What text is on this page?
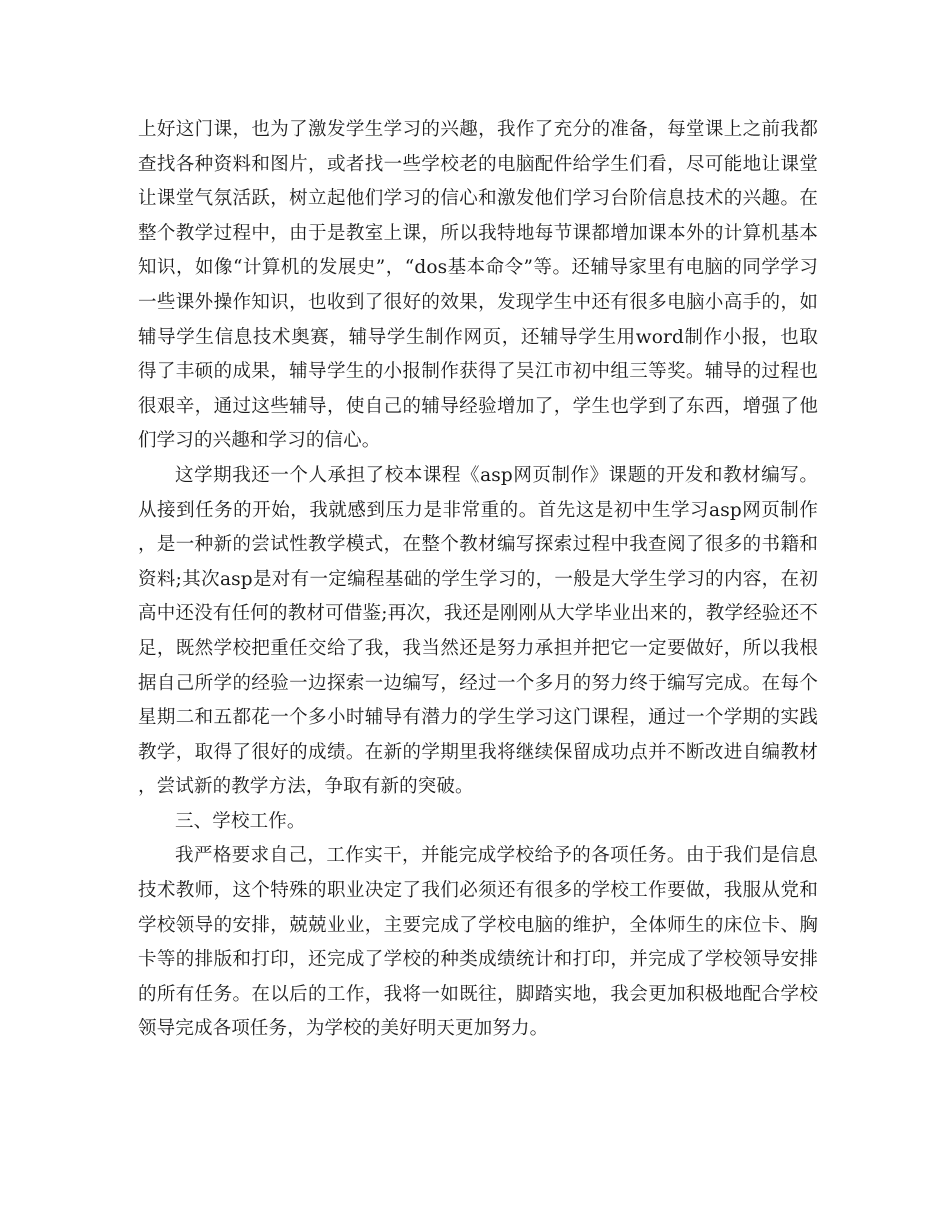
上好这门课，也为了激发学生学习的兴趣，我作了充分的准备，每堂课上之前我都查找各种资料和图片，或者找一些学校老的电脑配件给学生们看，尽可能地让课堂让课堂气氛活跃，树立起他们学习的信心和激发他们学习台阶信息技术的兴趣。在整个教学过程中，由于是教室上课，所以我特地每节课都增加课本外的计算机基本知识，如像“计算机的发展史”，“dos基本命令”等。还辅导家里有电脑的同学学习一些课外操作知识，也收到了很好的效果，发现学生中还有很多电脑小高手的，如辅导学生信息技术奥赛，辅导学生制作网页，还辅导学生用word制作小报，也取得了丰硕的成果，辅导学生的小报制作获得了吴江市初中组三等奖。辅导的过程也很艰辛，通过这些辅导，使自己的辅导经验增加了，学生也学到了东西，增强了他们学习的兴趣和学习的信心。

这学期我还一个人承担了校本课程《asp网页制作》课题的开发和教材编写。从接到任务的开始，我就感到压力是非常重的。首先这是初中生学习asp网页制作，是一种新的尝试性教学模式，在整个教材编写探索过程中我查阅了很多的书籍和资料;其次asp是对有一定编程基础的学生学习的，一般是大学生学习的内容，在初高中还没有任何的教材可借鉴;再次，我还是刚刚从大学毕业出来的，教学经验还不足，既然学校把重任交给了我，我当然还是努力承担并把它一定要做好，所以我根据自己所学的经验一边探索一边编写，经过一个多月的努力终于编写完成。在每个星期二和五都花一个多小时辅导有潜力的学生学习这门课程，通过一个学期的实践教学，取得了很好的成绩。在新的学期里我将继续保留成功点并不断改进自编教材，尝试新的教学方法，争取有新的突破。

三、学校工作。

我严格要求自己，工作实干，并能完成学校给予的各项任务。由于我们是信息技术教师，这个特殊的职业决定了我们必须还有很多的学校工作要做，我服从党和学校领导的安排，兢兢业业，主要完成了学校电脑的维护，全体师生的床位卡、胸卡等的排版和打印，还完成了学校的种类成绩统计和打印，并完成了学校领导安排的所有任务。在以后的工作，我将一如既往，脚踏实地，我会更加积极地配合学校领导完成各项任务，为学校的美好明天更加努力。
